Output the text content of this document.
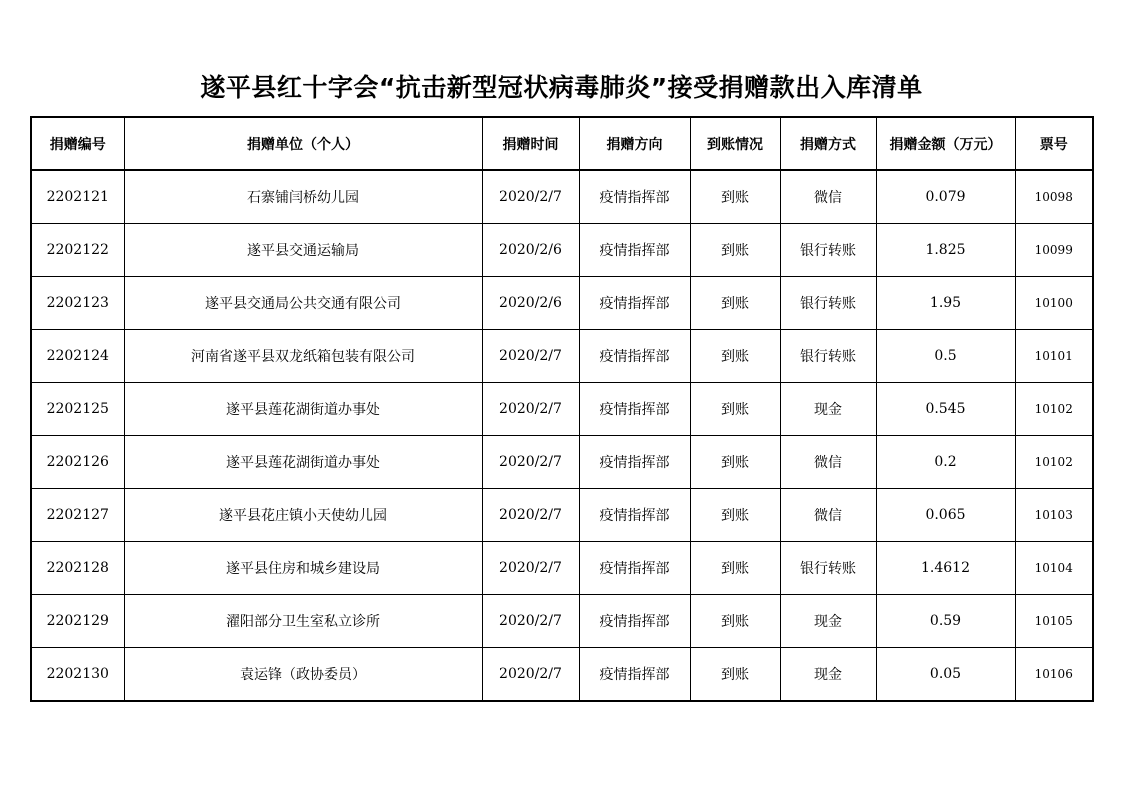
遂平县红十字会“抗击新型冠状病毒肺炎”接受捐赠款出入库清单
捐赠编号	捐赠单位（个人）	捐赠时间	捐赠方向	到账情况	捐赠方式	捐赠金额（万元）	票号
2202121	石寨铺闫桥幼儿园	2020/2/7	疫情指挥部	到账	微信	0.079	10098
2202122	遂平县交通运输局	2020/2/6	疫情指挥部	到账	银行转账	1.825	10099
2202123	遂平县交通局公共交通有限公司	2020/2/6	疫情指挥部	到账	银行转账	1.95	10100
2202124	河南省遂平县双龙纸箱包装有限公司	2020/2/7	疫情指挥部	到账	银行转账	0.5	10101
2202125	遂平县莲花湖街道办事处	2020/2/7	疫情指挥部	到账	现金	0.545	10102
2202126	遂平县莲花湖街道办事处	2020/2/7	疫情指挥部	到账	微信	0.2	10102
2202127	遂平县花庄镇小天使幼儿园	2020/2/7	疫情指挥部	到账	微信	0.065	10103
2202128	遂平县住房和城乡建设局	2020/2/7	疫情指挥部	到账	银行转账	1.4612	10104
2202129	濯阳部分卫生室私立诊所	2020/2/7	疫情指挥部	到账	现金	0.59	10105
2202130	袁运锋（政协委员）	2020/2/7	疫情指挥部	到账	现金	0.05	10106
